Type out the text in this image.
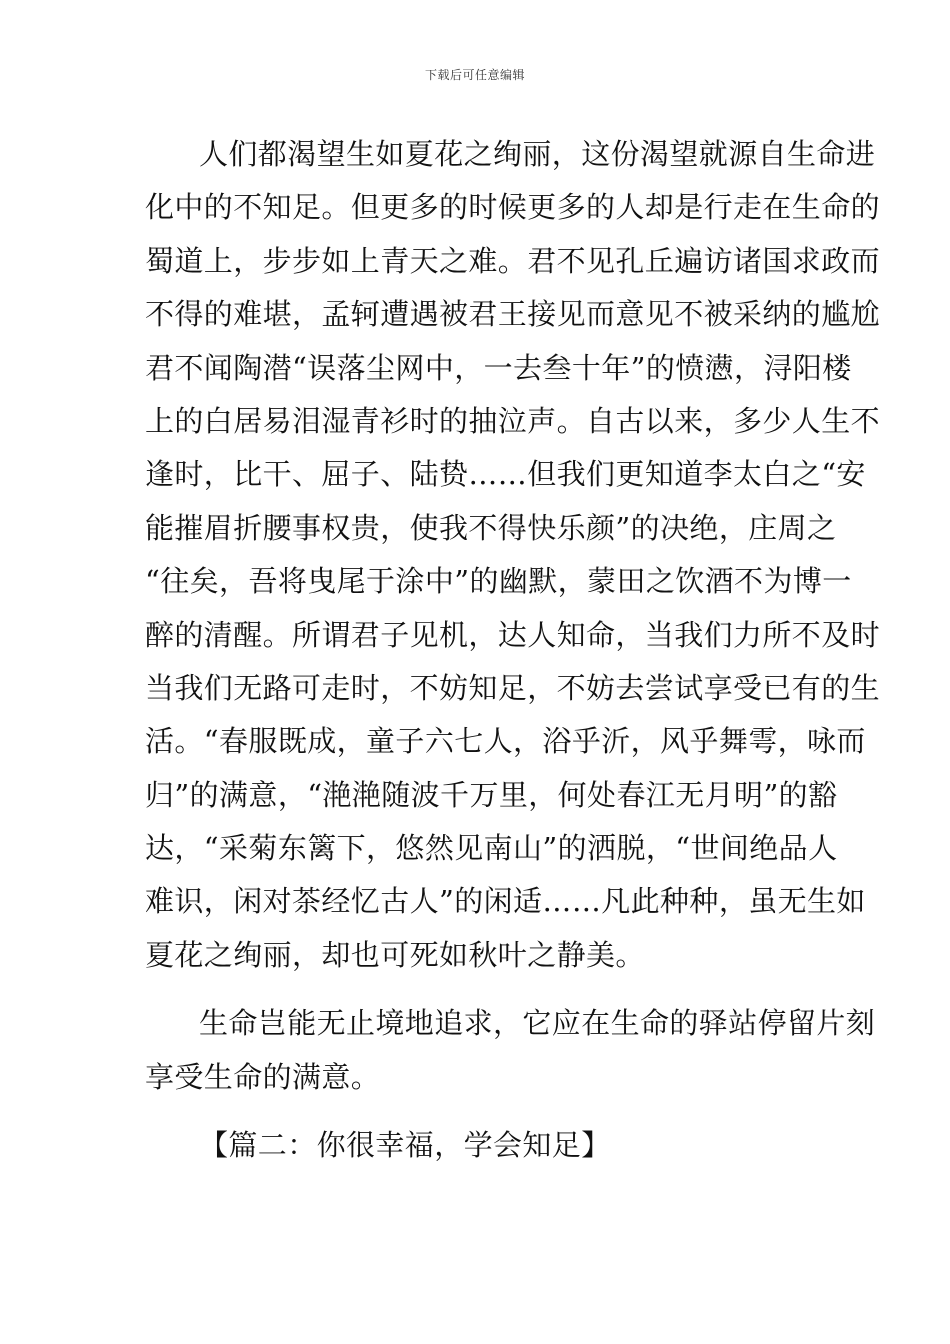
下载后可任意编辑
人们都渴望生如夏花之绚丽，这份渴望就源自生命进
化中的不知足。但更多的时候更多的人却是行走在生命的
蜀道上，步步如上青天之难。君不见孔丘遍访诸国求政而
不得的难堪，孟轲遭遇被君王接见而意见不被采纳的尴尬
君不闻陶潜“误落尘网中，一去叁十年”的愤懑，浔阳楼
上的白居易泪湿青衫时的抽泣声。自古以来，多少人生不
逢时，比干、屈子、陆贽……但我们更知道李太白之“安
能摧眉折腰事权贵，使我不得快乐颜”的决绝，庄周之
“往矣，吾将曳尾于涂中”的幽默，蒙田之饮酒不为博一
醉的清醒。所谓君子见机，达人知命，当我们力所不及时
当我们无路可走时，不妨知足，不妨去尝试享受已有的生
活。“春服既成，童子六七人，浴乎沂，风乎舞雩，咏而
归”的满意，“滟滟随波千万里，何处春江无月明”的豁
达，“采菊东篱下，悠然见南山”的洒脱，“世间绝品人
难识，闲对茶经忆古人”的闲适……凡此种种，虽无生如
夏花之绚丽，却也可死如秋叶之静美。
生命岂能无止境地追求，它应在生命的驿站停留片刻
享受生命的满意。
【篇二：你很幸福，学会知足】
